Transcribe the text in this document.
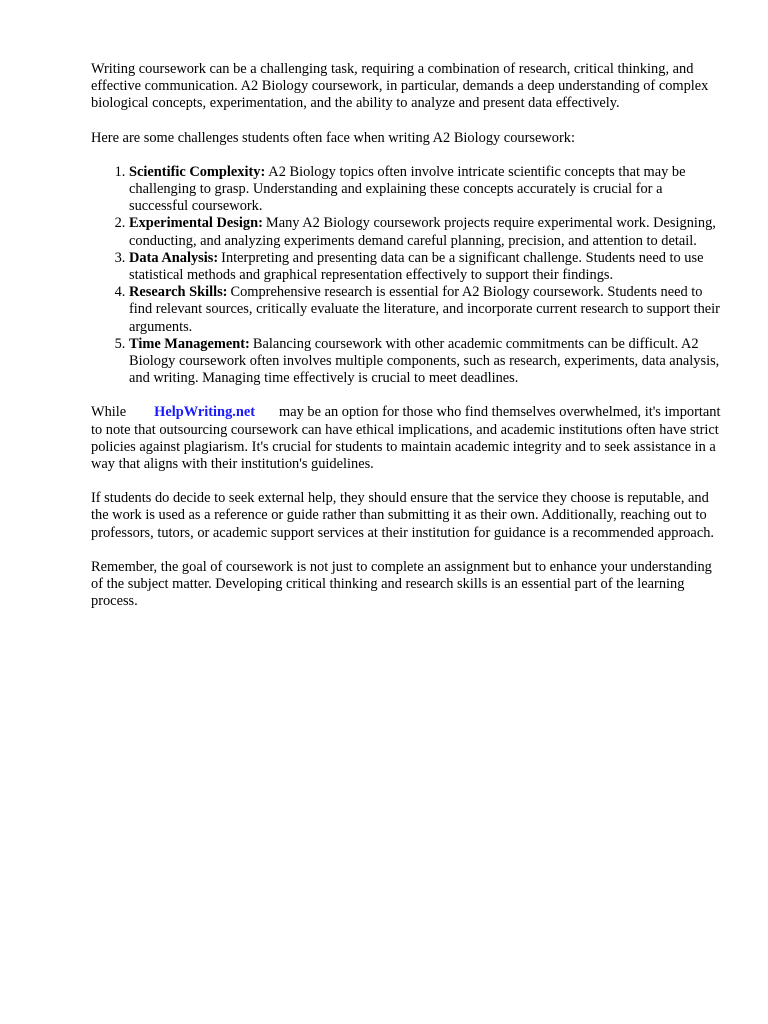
Writing coursework can be a challenging task, requiring a combination of research, critical thinking, and effective communication. A2 Biology coursework, in particular, demands a deep understanding of complex biological concepts, experimentation, and the ability to analyze and present data effectively.

Here are some challenges students often face when writing A2 Biology coursework:

1. Scientific Complexity: A2 Biology topics often involve intricate scientific concepts that may be challenging to grasp. Understanding and explaining these concepts accurately is crucial for a successful coursework.
2. Experimental Design: Many A2 Biology coursework projects require experimental work. Designing, conducting, and analyzing experiments demand careful planning, precision, and attention to detail.
3. Data Analysis: Interpreting and presenting data can be a significant challenge. Students need to use statistical methods and graphical representation effectively to support their findings.
4. Research Skills: Comprehensive research is essential for A2 Biology coursework. Students need to find relevant sources, critically evaluate the literature, and incorporate current research to support their arguments.
5. Time Management: Balancing coursework with other academic commitments can be difficult. A2 Biology coursework often involves multiple components, such as research, experiments, data analysis, and writing. Managing time effectively is crucial to meet deadlines.

While HelpWriting.net may be an option for those who find themselves overwhelmed, it's important to note that outsourcing coursework can have ethical implications, and academic institutions often have strict policies against plagiarism. It's crucial for students to maintain academic integrity and to seek assistance in a way that aligns with their institution's guidelines.

If students do decide to seek external help, they should ensure that the service they choose is reputable, and the work is used as a reference or guide rather than submitting it as their own. Additionally, reaching out to professors, tutors, or academic support services at their institution for guidance is a recommended approach.

Remember, the goal of coursework is not just to complete an assignment but to enhance your understanding of the subject matter. Developing critical thinking and research skills is an essential part of the learning process.
